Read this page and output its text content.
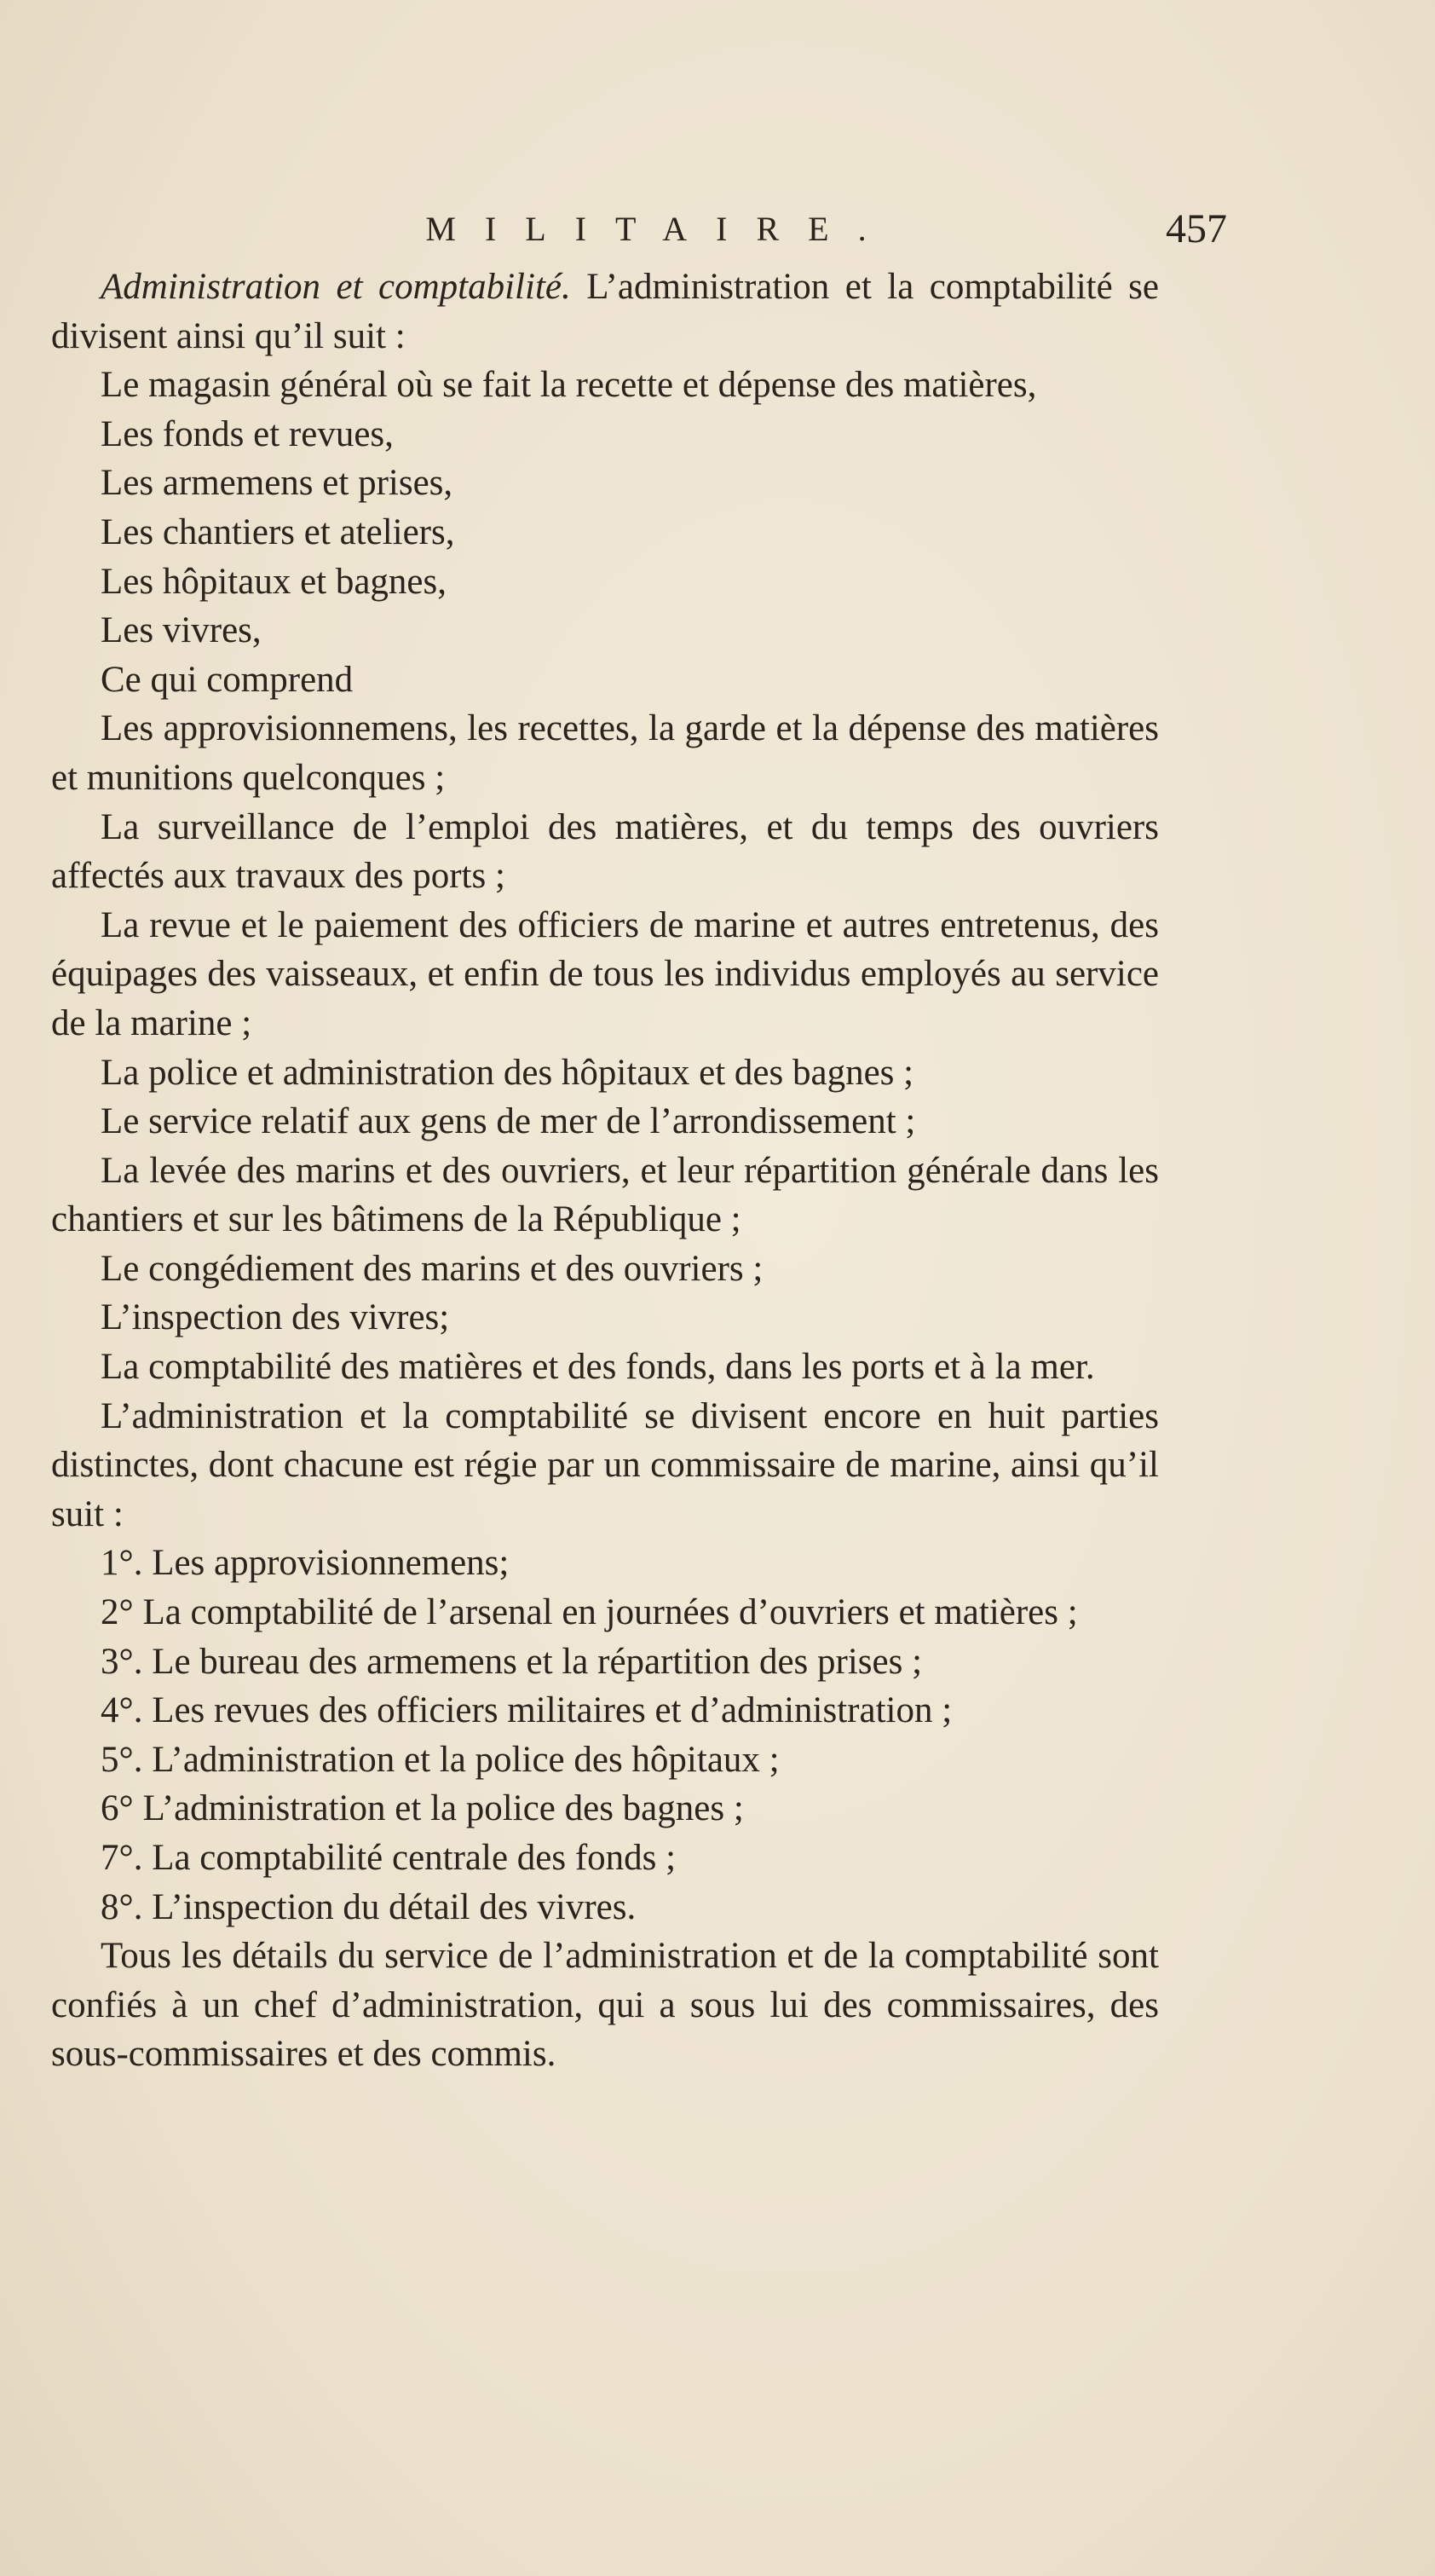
MILITAIRE.	457

Administration et comptabilité. L’administration et la comptabilité se divisent ainsi qu’il suit :

Le magasin général où se fait la recette et dépense des matières,

Les fonds et revues,

Les armemens et prises,

Les chantiers et ateliers,

Les hôpitaux et bagnes,

Les vivres,

Ce qui comprend

Les approvisionnemens, les recettes, la garde et la dépense des matières et munitions quelconques ;

La surveillance de l’emploi des matières, et du temps des ouvriers affectés aux travaux des ports ;

La revue et le paiement des officiers de marine et autres entretenus, des équipages des vaisseaux, et enfin de tous les individus employés au service de la marine ;

La police et administration des hôpitaux et des bagnes ;

Le service relatif aux gens de mer de l’arrondissement ;

La levée des marins et des ouvriers, et leur répartition générale dans les chantiers et sur les bâtimens de la République ;

Le congédiement des marins et des ouvriers ;

L’inspection des vivres;

La comptabilité des matières et des fonds, dans les ports et à la mer.

L’administration et la comptabilité se divisent encore en huit parties distinctes, dont chacune est régie par un commissaire de marine, ainsi qu’il suit :

1°. Les approvisionnemens;

2° La comptabilité de l’arsenal en journées d’ouvriers et matières ;

3°. Le bureau des armemens et la répartition des prises ;

4°. Les revues des officiers militaires et d’administration ;

5°. L’administration et la police des hôpitaux ;

6° L’administration et la police des bagnes ;

7°. La comptabilité centrale des fonds ;

8°. L’inspection du détail des vivres.

Tous les détails du service de l’administration et de la comptabilité sont confiés à un chef d’administration, qui a sous lui des commissaires, des sous-commissaires et des commis.
